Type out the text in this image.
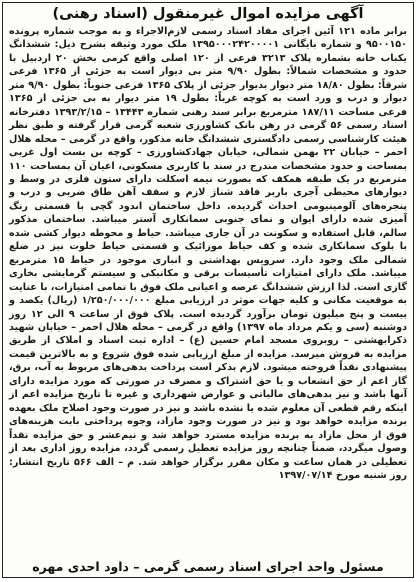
آگهی مزایده اموال غیرمنقول (اسناد رهنی)
برابر ماده ۱۲۱ آئین اجرای مفاد اسناد رسمی لازم‌الاجراء و به موجب شماره پرونده ۹۵۰۰۱۵۰ و شماره بایگانی ۱۳۹۵۰۰۰۲۴۲۰۰۰۰۱ ملک مورد وثیقه بشرح ذیل: ششدانگ یکباب خانه بشماره پلاک ۳۲۱۳ فرعی از ۱۲۰ اصلی واقع کرمی بخش ۲۰ اردبیل با حدود و مشخصات شمالاً: بطول ۹/۹۰ متر بی دیوار است به جزئی از ۱۳۶۵ فرعی شرقاً: بطول ۱۸/۸۰ متر دیوار بدیوار جزئی از پلاک ۱۳۶۵ فرعی جنوباً: بطول ۹/۹۰ متر دیوار و درب و ورد است به کوچه غرباً: بطول ۱۹ متر دیوار به بی جزئی از ۱۳۶۵ فرعی مساحت ۱۸۷/۱۱ مترمربع برابر سند رهنی شماره ۱۳۴۴۳ – ۱۳۹۳/۲/۱۵ دفترخانه اسناد رسمی ۵۶ گرمی در رهن بانک کشاورزی شعبه گرمی قرار گرفته و طبق نظر هیئت کارشناسی رسمی دادگستری ششدانگ خانه مذکور، واقع در گرمی – محله هلال احمر – خیابان ۲۲ بهمن شمالی، خیابان جهادکشاورزی – کوچه بن بست اول غربی بمساحت و حدود مشخصات مندرج در سند با کاربری مسکونی، اعیان آن بمساحت ۱۱۰ مترمربع در یک طبقه همکف که بصورت نیمه اسکلت دارای ستون فلزی در وسط و دیوارهای محیطی آجری باربر فاقد شناژ لازم و سقف آهن طاق ضربی و درب و پنجره‌های آلومینیومی احداث گردیده. داخل ساختمان اندود گچی با قسمتی رنگ آمیزی شده دارای ایوان و نمای جنوبی سمانکاری آستر میباشد. ساختمان مذکور سالم، قابل استفاده و سکونت در آن جاری میباشد. حیاط و محوطه دیوار کشی شده با بلوک سمانکاری شده و کف حیاط موزائیک و قسمتی حیاط خلوت نیز در ضلع شمالی ملک وجود دارد. سرویس بهداشتی و انباری موجود در حیاط ۱۵ مترمربع میباشد. ملک دارای امتیازات تأسیسات برقی و مکانیکی و سیستم گرمایشی بخاری گازی است. لذا ارزش ششدانگ عرصه و اعیانی ملک فوق با تمامی امتیازات، با عنایت به موقعیت مکانی و کلیه جهات موثر در ارزیابی مبلغ ۱/۲۵۰/۰۰۰/۰۰۰ (ریال) یکصد و بیست و پنج میلیون تومان برآورد گردیده است. پلاک فوق از ساعت ۹ الی ۱۲ روز دوشنبه (سی و یکم مرداد ماه ۱۳۹۷) واقع در گرمی – محله هلال احمر – خیابان شهید ذکرابهشتی – روبروی مسجد امام حسین (ع) – اداره ثبت اسناد و املاک از طریق مزایده به فروش میرسد. مزایده از مبلغ ارزیابی شده فوق شروع و به بالاترین قیمت پیشنهادی نقداً فروخته میشود. لازم بذکر است پرداخت بدهی‌های مربوط به آب، برق، گاز اعم از حق انشعاب و یا حق اشتراک و مصرف در صورتی که مورد مزایده دارای آنها باشد و نیز بدهی‌های مالیاتی و عوارض شهرداری و غیره تا تاریخ مزایده اعم از اینکه رقم قطعی آن معلوم شده یا نشده باشد و نیز در صورت وجود اصلاح ملک بعهده برنده مزایده خواهد بود و نیز در صورت وجود مازاد، وجوه پرداختی بابت هزینه‌های فوق از محل مازاد به برنده مزایده مسترد خواهد شد و نیم‌عشر و حق مزایده نقداً وصول میگردد، ضمناً چنانچه روز مزایده تعطیل رسمی گردد، مزایده روز اداری بعد از تعطیلی در همان ساعت و مکان مقرر برگزار خواهد شد. م – الف ۵۶۶ تاریخ انتشار: روز شنبه مورخ ۱۳۹۷/۰۷/۱۴
مسئول واحد اجرای اسناد رسمی گرمی – داود احدی مهره
